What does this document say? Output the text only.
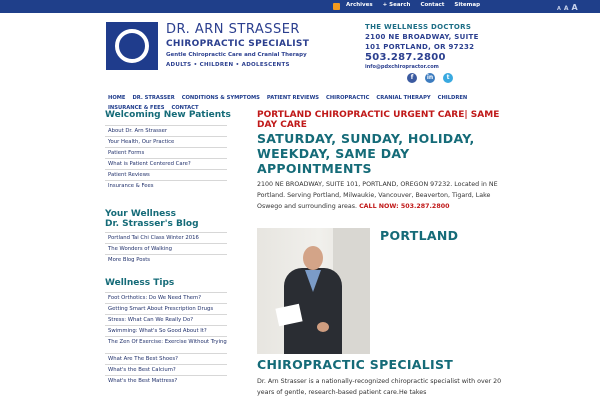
Archives + Search Contact Sitemap
A A A
DR. ARN STRASSER
CHIROPRACTIC SPECIALIST
Gentle Chiropractic Care and Cranial Therapy
ADULTS • CHILDREN • ADOLESCENTS
THE WELLNESS DOCTORS
2100 NE BROADWAY, SUITE
101 PORTLAND, OR 97232
503.287.2800
info@pdxchiropractor.com
f	in	t
HOME DR. STRASSER CONDITIONS & SYMPTOMS PATIENT REVIEWS CHIROPRACTIC CRANIAL THERAPY CHILDREN
INSURANCE & FEES CONTACT
Welcoming New Patients
About Dr. Arn Strasser
Your Health, Our Practice
Patient Forms
What is Patient Centered Care?
Patient Reviews
Insurance & Fees
Your Wellness
Dr. Strasser's Blog
Portland Tai Chi Class Winter 2016
The Wonders of Walking
More Blog Posts
Wellness Tips
Foot Orthotics: Do We Need Them?
Getting Smart About Prescription Drugs
Stress: What Can We Really Do?
Swimming: What's So Good About It?
The Zen Of Exercise: Exercise Without Trying
What Are The Best Shoes?
What's the Best Calcium?
What's the Best Mattress?
PORTLAND CHIROPRACTIC URGENT CARE| SAME DAY CARE
SATURDAY, SUNDAY, HOLIDAY, WEEKDAY, SAME DAY APPOINTMENTS
2100 NE BROADWAY, SUITE 101, PORTLAND, OREGON 97232. Located in NE Portland. Serving Portland, Milwaukie, Vancouver, Beaverton, Tigard, Lake Oswego and surrounding areas. CALL NOW: 503.287.2800
PORTLAND
CHIROPRACTIC SPECIALIST
Dr. Arn Strasser is a nationally-recognized chiropractic specialist with over 20 years of gentle, research-based patient care.He takes
